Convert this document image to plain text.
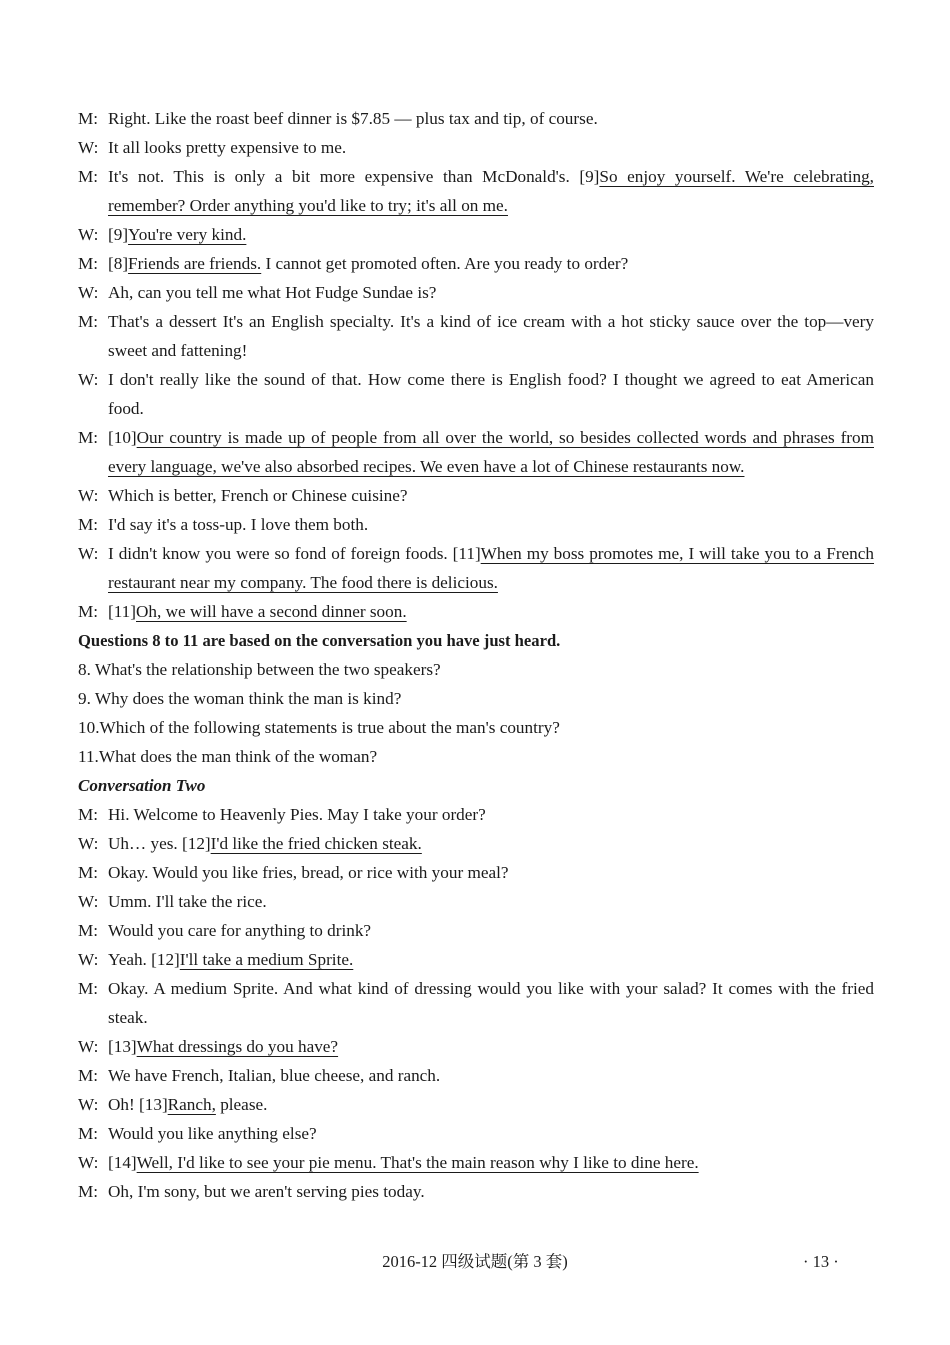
M: Right. Like the roast beef dinner is $7.85 — plus tax and tip, of course.
W: It all looks pretty expensive to me.
M: It's not. This is only a bit more expensive than McDonald's. [9]So enjoy yourself. We're celebrating, remember? Order anything you'd like to try; it's all on me.
W: [9]You're very kind.
M: [8]Friends are friends. I cannot get promoted often. Are you ready to order?
W: Ah, can you tell me what Hot Fudge Sundae is?
M: That's a dessert It's an English specialty. It's a kind of ice cream with a hot sticky sauce over the top—very sweet and fattening!
W: I don't really like the sound of that. How come there is English food? I thought we agreed to eat American food.
M: [10]Our country is made up of people from all over the world, so besides collected words and phrases from every language, we've also absorbed recipes. We even have a lot of Chinese restaurants now.
W: Which is better, French or Chinese cuisine?
M: I'd say it's a toss-up. I love them both.
W: I didn't know you were so fond of foreign foods. [11]When my boss promotes me, I will take you to a French restaurant near my company. The food there is delicious.
M: [11]Oh, we will have a second dinner soon.
Questions 8 to 11 are based on the conversation you have just heard.
8. What's the relationship between the two speakers?
9. Why does the woman think the man is kind?
10.Which of the following statements is true about the man's country?
11.What does the man think of the woman?
Conversation Two
M: Hi. Welcome to Heavenly Pies. May I take your order?
W: Uh… yes. [12]I'd like the fried chicken steak.
M: Okay. Would you like fries, bread, or rice with your meal?
W: Umm. I'll take the rice.
M: Would you care for anything to drink?
W: Yeah. [12]I'll take a medium Sprite.
M: Okay. A medium Sprite. And what kind of dressing would you like with your salad? It comes with the fried steak.
W: [13]What dressings do you have?
M: We have French, Italian, blue cheese, and ranch.
W: Oh! [13]Ranch, please.
M: Would you like anything else?
W: [14]Well, I'd like to see your pie menu. That's the main reason why I like to dine here.
M: Oh, I'm sony, but we aren't serving pies today.
2016-12 四级试题(第 3 套)	· 13 ·
